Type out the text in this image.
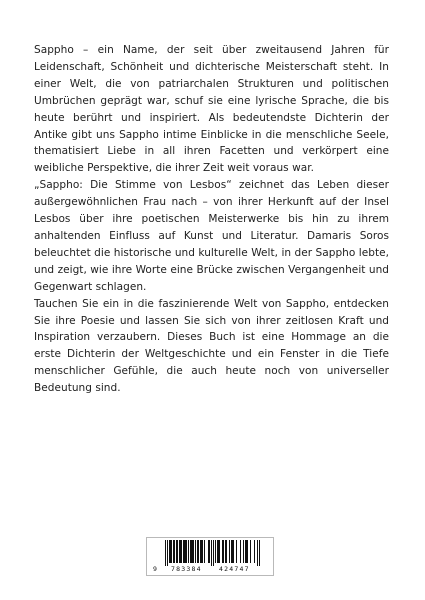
Sappho – ein Name, der seit über zweitausend Jahren für Leidenschaft, Schönheit und dichterische Meisterschaft steht. In einer Welt, die von patriarchalen Strukturen und politischen Umbrüchen geprägt war, schuf sie eine lyrische Sprache, die bis heute berührt und inspiriert. Als bedeutendste Dichterin der Antike gibt uns Sappho intime Einblicke in die menschliche Seele, thematisiert Liebe in all ihren Facetten und verkörpert eine weibliche Perspektive, die ihrer Zeit weit voraus war.

„Sappho: Die Stimme von Lesbos“ zeichnet das Leben dieser außergewöhnlichen Frau nach – von ihrer Herkunft auf der Insel Lesbos über ihre poetischen Meisterwerke bis hin zu ihrem anhaltenden Einfluss auf Kunst und Literatur. Damaris Soros beleuchtet die historische und kulturelle Welt, in der Sappho lebte, und zeigt, wie ihre Worte eine Brücke zwischen Vergangenheit und Gegenwart schlagen.

Tauchen Sie ein in die faszinierende Welt von Sappho, entdecken Sie ihre Poesie und lassen Sie sich von ihrer zeitlosen Kraft und Inspiration verzaubern. Dieses Buch ist eine Hommage an die erste Dichterin der Weltgeschichte und ein Fenster in die Tiefe menschlicher Gefühle, die auch heute noch von universeller Bedeutung sind.

9 783384	424747
